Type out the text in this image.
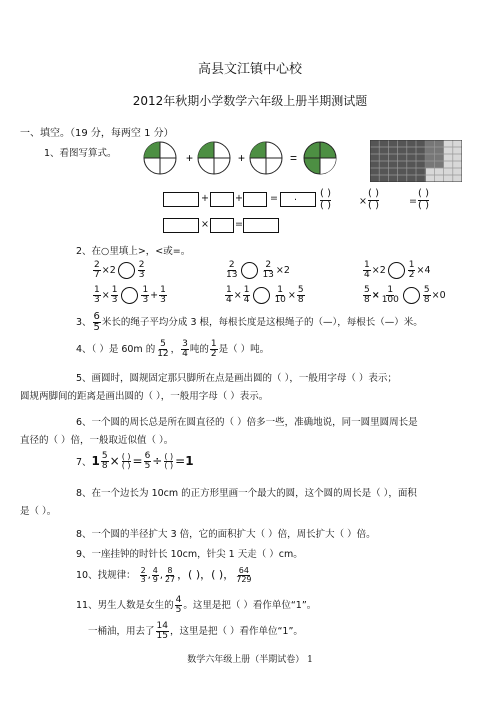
高县文江镇中心校
2012年秋期小学数学六年级上册半期测试题
一、填空。（19 分，每两空 1 分）
1、看图写算式。	+	+	=
+	+	= . ( )
( )	×
( )
( )	=
( )
( )
×	=
2、在○里填上>，<或=。
$\frac{2}{7} \times 2 \frac{2}{3}$	$\frac{2}{13}$	$\frac{2}{13} \times 2$	$\frac{1}{4} \times 2 \frac{1}{2} \times 4$
$\frac{1}{3} \times \frac{1}{3}$	$\frac{1}{3} + \frac{1}{3}$	$\frac{1}{4} \times \frac{1}{4}$	$\frac{1}{10} \times \frac{5}{8}$	$\frac{5}{8} \times \frac{1}{100}$	$\frac{5}{8} \times 0$
3、 $\frac{6}{5}$ 米长的绳子平均分成 3 根，每根长度是这根绳子的（—），每根长（—）米。
4、（ ）是 60m 的 $\frac{5}{12}$ ， $\frac{3}{4}$ 吨的 $\frac{1}{2}$ 是（ ）吨。
5、画圆时，圆规固定那只脚所在点是画出圆的（ ），一般用字母（ ）表示；
圆规两脚间的距离是画出圆的（ ），一般用字母（ ）表示。
6、一个圆的周长总是所在圆直径的（ ）倍多一些，准确地说，同一圆里圆周长是
直径的（ ）倍，一般取近似值（ ）。
7、$1 \frac{5}{8}$ × ( )
( ) = $\frac{6}{5}$ ÷ ( )
( ) =1
8、在一个边长为 10cm 的正方形里画一个最大的圆，这个圆的周长是（ ），面积
是（ ）。
8、一个圆的半径扩大 3 倍，它的面积扩大（ ）倍，周长扩大（ ）倍。
9、一座挂钟的时针长 10cm，针尖 1 天走（ ）cm。
10、找规律： $\frac{2}{3}$ , $\frac{4}{9}$ , $\frac{8}{27}$ ，( )，( )， $\frac{64}{729}$
11、男生人数是女生的 $\frac{4}{5}$ 。这里是把（ ）看作单位“1”。
一桶油，用去了 $\frac{14}{15}$ ，这里是把（ ）看作单位“1”。
数学六年级上册（半期试卷） 1
